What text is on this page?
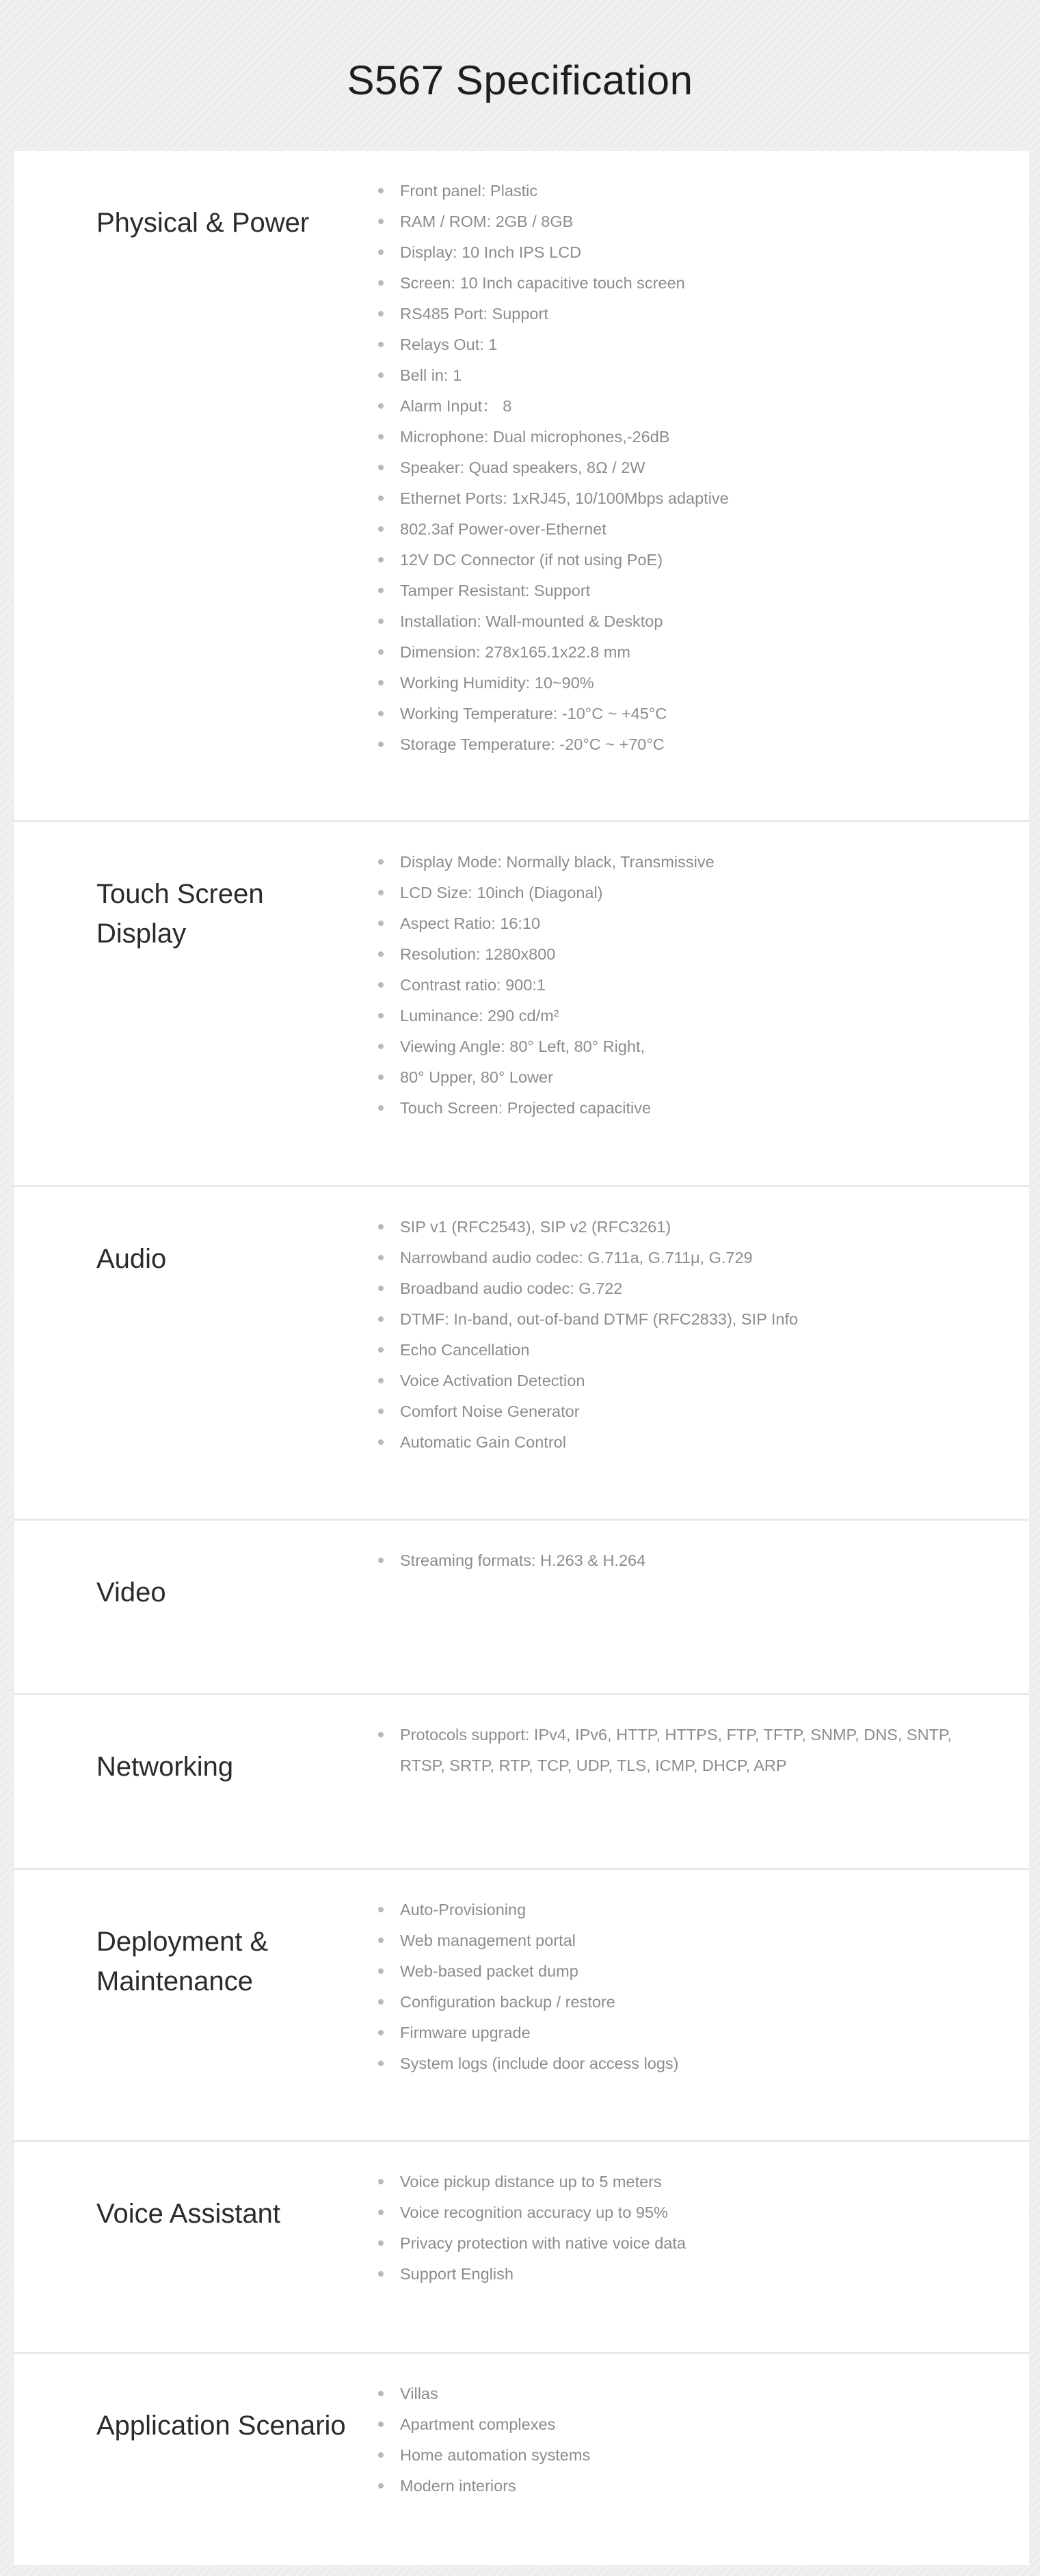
S567 Specification
Physical & Power
Front panel: Plastic
RAM / ROM: 2GB / 8GB
Display: 10 Inch IPS LCD
Screen: 10 Inch capacitive touch screen
RS485 Port: Support
Relays Out: 1
Bell in: 1
Alarm Input： 8
Microphone: Dual microphones,-26dB
Speaker: Quad speakers, 8Ω / 2W
Ethernet Ports: 1xRJ45, 10/100Mbps adaptive
802.3af Power-over-Ethernet
12V DC Connector (if not using PoE)
Tamper Resistant: Support
Installation: Wall-mounted & Desktop
Dimension: 278x165.1x22.8 mm
Working Humidity: 10~90%
Working Temperature: -10°C ~ +45°C
Storage Temperature: -20°C ~ +70°C
Touch Screen Display
Display Mode: Normally black, Transmissive
LCD Size: 10inch (Diagonal)
Aspect Ratio: 16:10
Resolution: 1280x800
Contrast ratio: 900:1
Luminance: 290 cd/m²
Viewing Angle: 80° Left, 80° Right,
80° Upper, 80° Lower
Touch Screen: Projected capacitive
Audio
SIP v1 (RFC2543), SIP v2 (RFC3261)
Narrowband audio codec: G.711a, G.711μ, G.729
Broadband audio codec: G.722
DTMF: In-band, out-of-band DTMF (RFC2833), SIP Info
Echo Cancellation
Voice Activation Detection
Comfort Noise Generator
Automatic Gain Control
Video
Streaming formats: H.263 & H.264
Networking
Protocols support: IPv4, IPv6, HTTP, HTTPS, FTP, TFTP, SNMP, DNS, SNTP, RTSP, SRTP, RTP, TCP, UDP, TLS, ICMP, DHCP, ARP
Deployment & Maintenance
Auto-Provisioning
Web management portal
Web-based packet dump
Configuration backup / restore
Firmware upgrade
System logs (include door access logs)
Voice Assistant
Voice pickup distance up to 5 meters
Voice recognition accuracy up to 95%
Privacy protection with native voice data
Support English
Application Scenario
Villas
Apartment complexes
Home automation systems
Modern interiors
